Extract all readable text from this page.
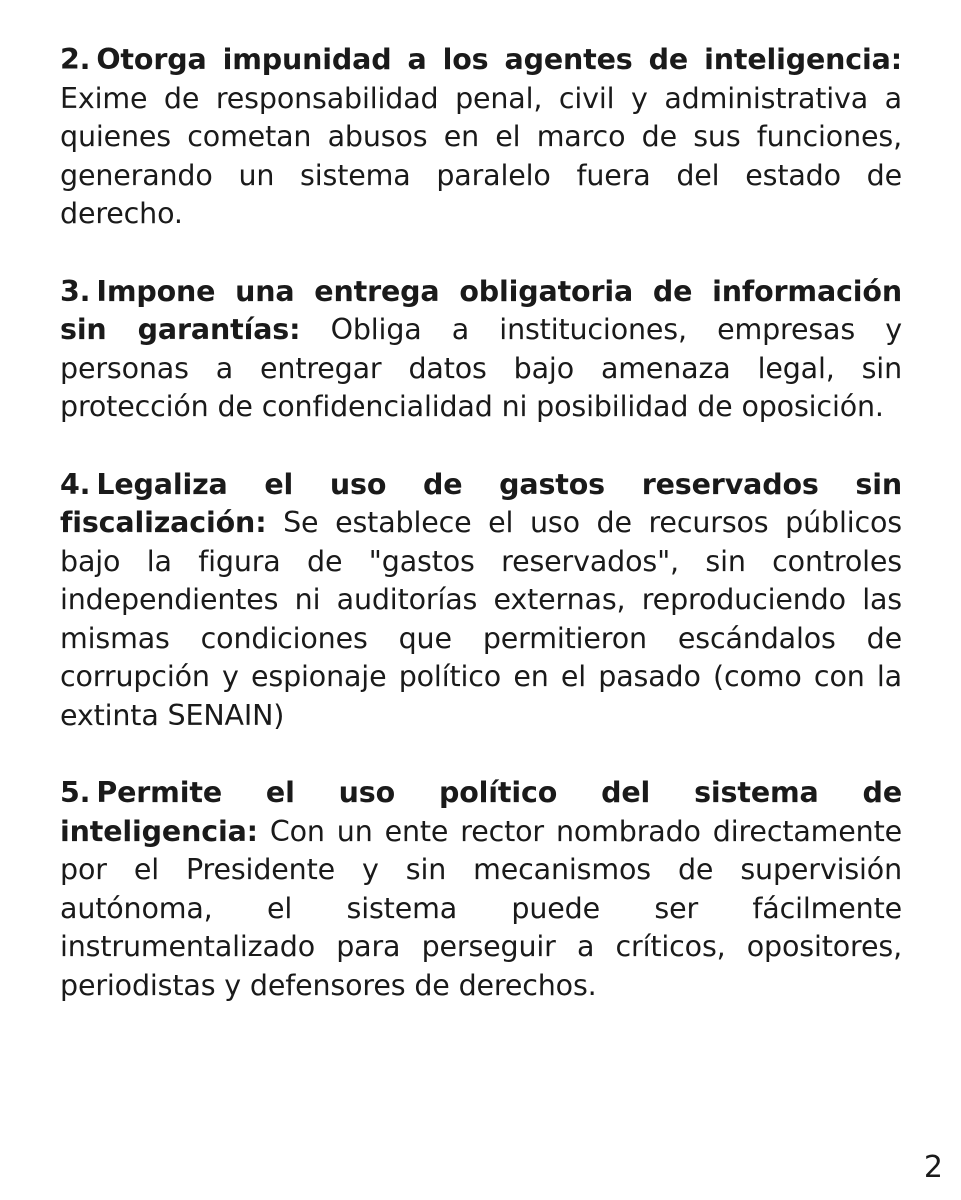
2. Otorga impunidad a los agentes de inteligencia: Exime de responsabilidad penal, civil y administrativa a quienes cometan abusos en el marco de sus funciones, generando un sistema paralelo fuera del estado de derecho.

3. Impone una entrega obligatoria de información sin garantías: Obliga a instituciones, empresas y personas a entregar datos bajo amenaza legal, sin protección de confidencialidad ni posibilidad de oposición.

4. Legaliza el uso de gastos reservados sin fiscalización: Se establece el uso de recursos públicos bajo la figura de "gastos reservados", sin controles independientes ni auditorías externas, reproduciendo las mismas condiciones que permitieron escándalos de corrupción y espionaje político en el pasado (como con la extinta SENAIN)

5. Permite el uso político del sistema de inteligencia: Con un ente rector nombrado directamente por el Presidente y sin mecanismos de supervisión autónoma, el sistema puede ser fácilmente instrumentalizado para perseguir a críticos, opositores, periodistas y defensores de derechos.

2
